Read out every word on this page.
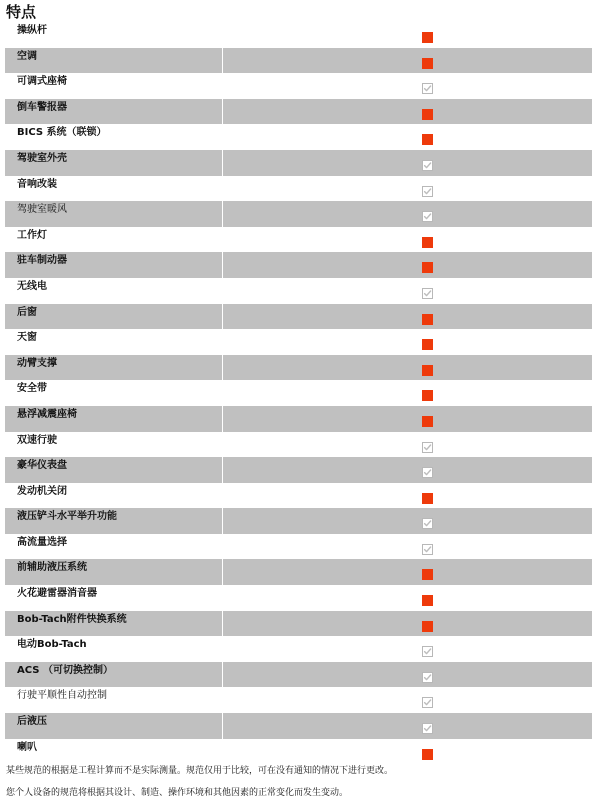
特点
操纵杆
空调
可调式座椅
倒车警报器
BICS 系统（联锁）
驾驶室外壳
音响改装
驾驶室暖风
工作灯
驻车制动器
无线电
后窗
天窗
动臂支撑
安全带
悬浮减震座椅
双速行驶
豪华仪表盘
发动机关闭
液压铲斗水平举升功能
高流量选择
前辅助液压系统
火花避雷器消音器
Bob-Tach附件快换系统
电动Bob-Tach
ACS （可切换控制）
行驶平顺性自动控制
后液压
喇叭

某些规范的根据是工程计算而不是实际测量。规范仅用于比较，可在没有通知的情况下进行更改。

您个人设备的规范将根据其设计、制造、操作环境和其他因素的正常变化而发生变动。
